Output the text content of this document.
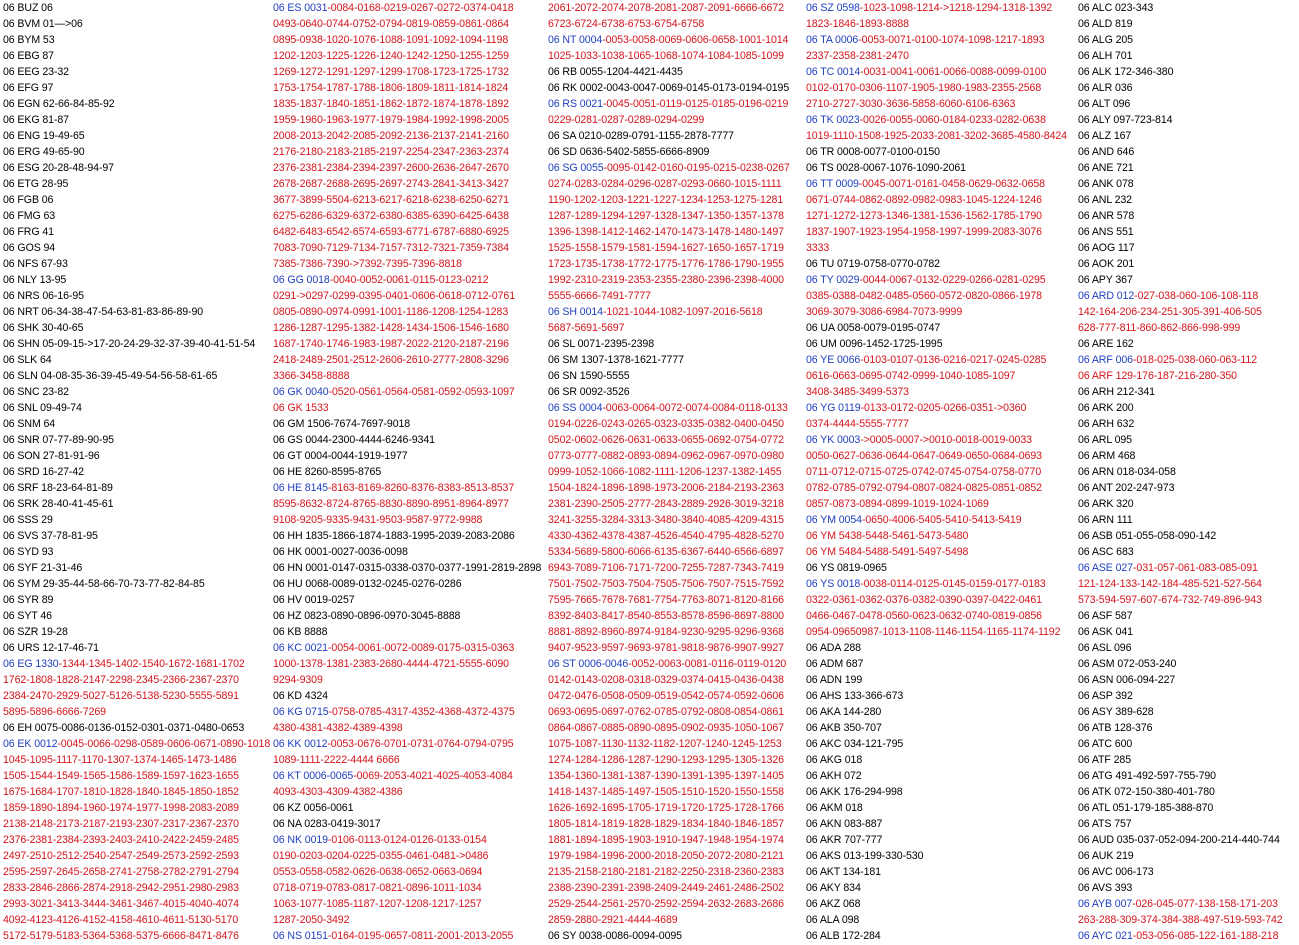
06 BUZ 06
06 BVM 01—>06
06 BYM 53
06 EBG 87
06 EEG 23-32
06 EFG 97
06 EGN 62-66-84-85-92
06 EKG 81-87
06 ENG 19-49-65
06 ERG 49-65-90
06 ESG 20-28-48-94-97
06 ETG 28-95
06 FGB 06
06 FMG 63
06 FRG 41
06 GOS 94
06 NFS 67-93
06 NLY 13-95
06 NRS 06-16-95
06 NRT 06-34-38-47-54-63-81-83-86-89-90
06 SHK 30-40-65
06 SHN 05-09-15->17-20-24-29-32-37-39-40-41-51-54
06 SLK 64
06 SLN 04-08-35-36-39-45-49-54-56-58-61-65
06 SNC 23-82
06 SNL 09-49-74
06 SNM 64
06 SNR 07-77-89-90-95
06 SON 27-81-91-96
06 SRD 16-27-42
06 SRF 18-23-64-81-89
06 SRK 28-40-41-45-61
06 SSS 29
06 SVS 37-78-81-95
06 SYD 93
06 SYF 21-31-46
06 SYM 29-35-44-58-66-70-73-77-82-84-85
06 SYR 89
06 SYT 46
06 SZR 19-28
06 URS 12-17-46-71
06 EG 1330-1344-1345-1402-1540-1672-1681-1702
1762-1808-1828-2147-2298-2345-2366-2367-2370
2384-2470-2929-5027-5126-5138-5230-5555-5891
5895-5896-6666-7269
06 EH 0075-0086-0136-0152-0301-0371-0480-0653
06 EK 0012-0045-0066-0298-0589-0606-0671-0890-1018
1045-1095-1117-1170-1307-1374-1465-1473-1486
1505-1544-1549-1565-1586-1589-1597-1623-1655
1675-1684-1707-1810-1828-1840-1845-1850-1852
1859-1890-1894-1960-1974-1977-1998-2083-2089
2138-2148-2173-2187-2193-2307-2317-2367-2370
2376-2381-2384-2393-2403-2410-2422-2459-2485
2497-2510-2512-2540-2547-2549-2573-2592-2593
2595-2597-2645-2658-2741-2758-2782-2791-2794
2833-2846-2866-2874-2918-2942-2951-2980-2983
2993-3021-3413-3444-3461-3467-4015-4040-4074
4092-4123-4126-4152-4158-4610-4611-5130-5170
5172-5179-5183-5364-5368-5375-6666-8471-8476
06 ES 0031-0084-0168-0219-0267-0272-0374-0418
0493-0640-0744-0752-0794-0819-0859-0861-0864
0895-0938-1020-1076-1088-1091-1092-1094-1198
1202-1203-1225-1226-1240-1242-1250-1255-1259
1269-1272-1291-1297-1299-1708-1723-1725-1732
1753-1754-1787-1788-1806-1809-1811-1814-1824
1835-1837-1840-1851-1862-1872-1874-1878-1892
1959-1960-1963-1977-1979-1984-1992-1998-2005
2008-2013-2042-2085-2092-2136-2137-2141-2160
2176-2180-2183-2185-2197-2254-2347-2363-2374
2376-2381-2384-2394-2397-2600-2636-2647-2670
2678-2687-2688-2695-2697-2743-2841-3413-3427
3677-3899-5504-6213-6217-6218-6238-6250-6271
6275-6286-6329-6372-6380-6385-6390-6425-6438
6482-6483-6542-6574-6593-6771-6787-6880-6925
7083-7090-7129-7134-7157-7312-7321-7359-7384
7385-7386-7390->7392-7395-7396-8818
06 GG 0018-0040-0052-0061-0115-0123-0212
0291->0297-0299-0395-0401-0606-0618-0712-0761
0805-0890-0974-0991-1001-1186-1208-1254-1283
1286-1287-1295-1382-1428-1434-1506-1546-1680
1687-1740-1746-1983-1987-2022-2120-2187-2196
2418-2489-2501-2512-2606-2610-2777-2808-3296
3366-3458-8888
06 GK 0040-0520-0561-0564-0581-0592-0593-1097
06 GK 1533
06 GM 1506-7674-7697-9018
06 GS 0044-2300-4444-6246-9341
06 GT 0004-0044-1919-1977
06 HE 8260-8595-8765
06 HE 8145-8163-8169-8260-8376-8383-8513-8537
8595-8632-8724-8765-8830-8890-8951-8964-8977
9108-9205-9335-9431-9503-9587-9772-9988
06 HH 1835-1866-1874-1883-1995-2039-2083-2086
06 HK 0001-0027-0036-0098
06 HN 0001-0147-0315-0338-0370-0377-1991-2819-2898
06 HU 0068-0089-0132-0245-0276-0286
06 HV 0019-0257
06 HZ 0823-0890-0896-0970-3045-8888
06 KB 8888
06 KC 0021-0054-0061-0072-0089-0175-0315-0363
1000-1378-1381-2383-2680-4444-4721-5555-6090
9294-9309
06 KD 4324
06 KG 0715-0758-0785-4317-4352-4368-4372-4375
4380-4381-4382-4389-4398
06 KK 0012-0053-0676-0701-0731-0764-0794-0795
1089-1111-2222-4444 6666
06 KT 0006-0065-0069-2053-4021-4025-4053-4084
4093-4303-4309-4382-4386
06 KZ 0056-0061
06 NA 0283-0419-3017
06 NK 0019-0106-0113-0124-0126-0133-0154
0190-0203-0204-0225-0355-0461-0481->0486
0553-0558-0582-0626-0638-0652-0663-0694
0718-0719-0783-0817-0821-0896-1011-1034
1063-1077-1085-1187-1207-1208-1217-1257
1287-2050-3492
06 NS 0151-0164-0195-0657-0811-2001-2013-2055
2061-2072-2074-2078-2081-2087-2091-6666-6672
6723-6724-6738-6753-6754-6758
06 NT 0004-0053-0058-0069-0606-0658-1001-1014
1025-1033-1038-1065-1068-1074-1084-1085-1099
06 RB 0055-1204-4421-4435
06 RK 0002-0043-0047-0069-0145-0173-0194-0195
06 RS 0021-0045-0051-0119-0125-0185-0196-0219
0229-0281-0287-0289-0294-0299
06 SA 0210-0289-0791-1155-2878-7777
06 SD 0636-5402-5855-6666-8909
06 SG 0055-0095-0142-0160-0195-0215-0238-0267
0274-0283-0284-0296-0287-0293-0660-1015-1111
1190-1202-1203-1221-1227-1234-1253-1275-1281
1287-1289-1294-1297-1328-1347-1350-1357-1378
1396-1398-1412-1462-1470-1473-1478-1480-1497
1525-1558-1579-1581-1594-1627-1650-1657-1719
1723-1735-1738-1772-1775-1776-1786-1790-1955
1992-2310-2319-2353-2355-2380-2396-2398-4000
5555-6666-7491-7777
06 SH 0014-1021-1044-1082-1097-2016-5618
5687-5691-5697
06 SL 0071-2395-2398
06 SM 1307-1378-1621-7777
06 SN 1590-5555
06 SR 0092-3526
06 SS 0004-0063-0064-0072-0074-0084-0118-0133
0194-0226-0243-0265-0323-0335-0382-0400-0450
0502-0602-0626-0631-0633-0655-0692-0754-0772
0773-0777-0882-0893-0894-0962-0967-0970-0980
0999-1052-1066-1082-1111-1206-1237-1382-1455
1504-1824-1896-1898-1973-2006-2184-2193-2363
2381-2390-2505-2777-2843-2889-2926-3019-3218
3241-3255-3284-3313-3480-3840-4085-4209-4315
4330-4362-4378-4387-4526-4540-4795-4828-5270
5334-5689-5800-6066-6135-6367-6440-6566-6897
6943-7089-7106-7171-7200-7255-7287-7343-7419
7501-7502-7503-7504-7505-7506-7507-7515-7592
7595-7665-7678-7681-7754-7763-8071-8120-8166
8392-8403-8417-8540-8553-8578-8596-8697-8800
8881-8892-8960-8974-9184-9230-9295-9296-9368
9407-9523-9597-9693-9781-9818-9876-9907-9927
06 ST 0006-0046-0052-0063-0081-0116-0119-0120
0142-0143-0208-0318-0329-0374-0415-0436-0438
0472-0476-0508-0509-0519-0542-0574-0592-0606
0693-0695-0697-0762-0785-0792-0808-0854-0861
0864-0867-0885-0890-0895-0902-0935-1050-1067
1075-1087-1130-1132-1182-1207-1240-1245-1253
1274-1284-1286-1287-1290-1293-1295-1305-1326
1354-1360-1381-1387-1390-1391-1395-1397-1405
1418-1437-1485-1497-1505-1510-1520-1550-1558
1626-1692-1695-1705-1719-1720-1725-1728-1766
1805-1814-1819-1828-1829-1834-1840-1846-1857
1881-1894-1895-1903-1910-1947-1948-1954-1974
1979-1984-1996-2000-2018-2050-2072-2080-2121
2135-2158-2180-2181-2182-2250-2318-2360-2383
2388-2390-2391-2398-2409-2449-2461-2486-2502
2529-2544-2561-2570-2592-2594-2632-2683-2686
2859-2880-2921-4444-4689
06 SY 0038-0086-0094-0095
06 SZ 0598-1023-1098-1214->1218-1294-1318-1392
1823-1846-1893-8888
06 TA 0006-0053-0071-0100-1074-1098-1217-1893
2337-2358-2381-2470
06 TC 0014-0031-0041-0061-0066-0088-0099-0100
0102-0170-0306-1107-1905-1980-1983-2355-2568
2710-2727-3030-3636-5858-6060-6106-6363
06 TK 0023-0026-0055-0060-0184-0233-0282-0638
1019-1110-1508-1925-2033-2081-3202-3685-4580-8424
06 TR 0008-0077-0100-0150
06 TS 0028-0067-1076-1090-2061
06 TT 0009-0045-0071-0161-0458-0629-0632-0658
0671-0744-0862-0892-0982-0983-1045-1224-1246
1271-1272-1273-1346-1381-1536-1562-1785-1790
1837-1907-1923-1954-1958-1997-1999-2083-3076
3333
06 TU 0719-0758-0770-0782
06 TY 0029-0044-0067-0132-0229-0266-0281-0295
0385-0388-0482-0485-0560-0572-0820-0866-1978
3069-3079-3086-6984-7073-9999
06 UA 0058-0079-0195-0747
06 UM 0096-1452-1725-1995
06 YE 0066-0103-0107-0136-0216-0217-0245-0285
0616-0663-0695-0742-0999-1040-1085-1097
3408-3485-3499-5373
06 YG 0119-0133-0172-0205-0266-0351->0360
0374-4444-5555-7777
06 YK 0003->0005-0007->0010-0018-0019-0033
0050-0627-0636-0644-0647-0649-0650-0684-0693
0711-0712-0715-0725-0742-0745-0754-0758-0770
0782-0785-0792-0794-0807-0824-0825-0851-0852
0857-0873-0894-0899-1019-1024-1069
06 YM 0054-0650-4006-5405-5410-5413-5419
06 YM 5438-5448-5461-5473-5480
06 YM 5484-5488-5491-5497-5498
06 YS 0819-0965
06 YS 0018-0038-0114-0125-0145-0159-0177-0183
0322-0361-0362-0376-0382-0390-0397-0422-0461
0466-0467-0478-0560-0623-0632-0740-0819-0856
0954-09650987-1013-1108-1146-1154-1165-1174-1192
06 ADA 288
06 ADM 687
06 ADN 199
06 AHS 133-366-673
06 AKA 144-280
06 AKB 350-707
06 AKC 034-121-795
06 AKG 018
06 AKH 072
06 AKK 176-294-998
06 AKM 018
06 AKN 083-887
06 AKR 707-777
06 AKS 013-199-330-530
06 AKT 134-181
06 AKY 834
06 AKZ 068
06 ALA 098
06 ALB 172-284
06 ALC 023-343
06 ALD 819
06 ALG 205
06 ALH 701
06 ALK 172-346-380
06 ALR 036
06 ALT 096
06 ALY 097-723-814
06 ALZ 167
06 AND 646
06 ANE 721
06 ANK 078
06 ANL 232
06 ANR 578
06 ANS 551
06 AOG 117
06 AOK 201
06 APY 367
06 ARD 012-027-038-060-106-108-118
142-164-206-234-251-305-391-406-505
628-777-811-860-862-866-998-999
06 ARE 162
06 ARF 006-018-025-038-060-063-112
06 ARF 129-176-187-216-280-350
06 ARH 212-341
06 ARK 200
06 ARH 632
06 ARL 095
06 ARM 468
06 ARN 018-034-058
06 ANT 202-247-973
06 ARK 320
06 ARN 111
06 ASB 051-055-058-090-142
06 ASC 683
06 ASE 027-031-057-061-083-085-091
121-124-133-142-184-485-521-527-564
573-594-597-607-674-732-749-896-943
06 ASF 587
06 ASK 041
06 ASL 096
06 ASM 072-053-240
06 ASN 006-094-227
06 ASP 392
06 ASY 389-628
06 ATB 128-376
06 ATC 600
06 ATF 285
06 ATG 491-492-597-755-790
06 ATK 072-150-380-401-780
06 ATL 051-179-185-388-870
06 ATS 757
06 AUD 035-037-052-094-200-214-440-744
06 AUK 219
06 AVC 006-173
06 AVS 393
06 AYB 007-026-045-077-138-158-171-203
263-288-309-374-384-388-497-519-593-742
06 AYC 021-053-056-085-122-161-188-218
